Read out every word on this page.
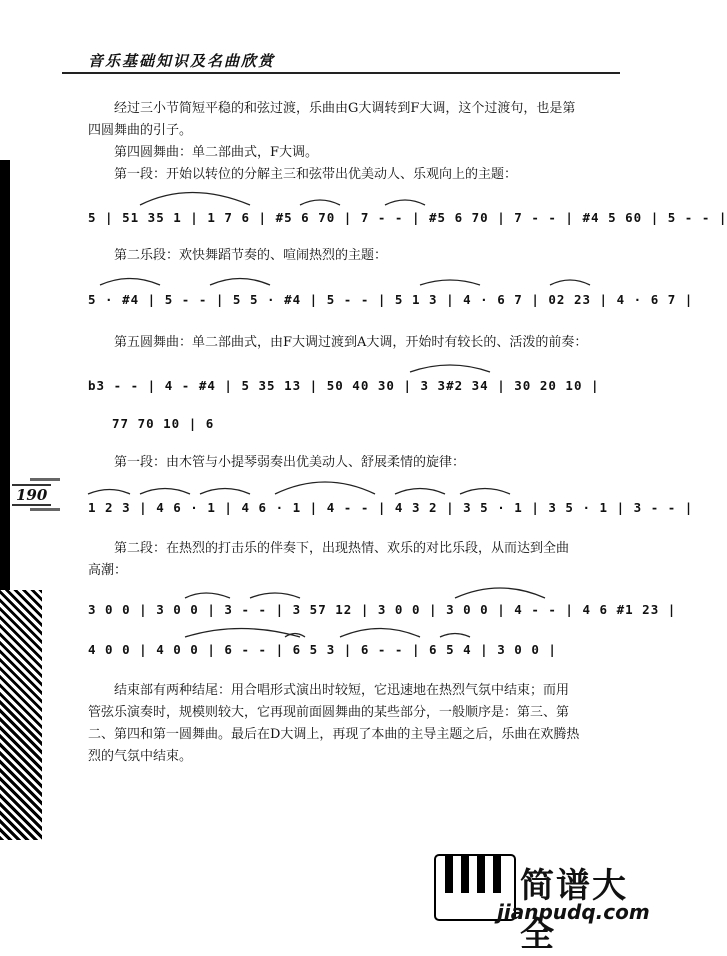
190
音乐基础知识及名曲欣赏
经过三小节简短平稳的和弦过渡，乐曲由G大调转到F大调，这个过渡句，也是第
四圆舞曲的引子。
第四圆舞曲：单二部曲式，F大调。
第一段：开始以转位的分解主三和弦带出优美动人、乐观向上的主题：
5 | 51 35 1 | 1 7 6 | #5 6 70 | 7 - - | #5 6 70 | 7 - - | #4 5 60 | 5 - - |
第二乐段：欢快舞蹈节奏的、喧闹热烈的主题：
5 · #4 | 5 - - | 5 5 · #4 | 5 - - | 5 1 3 | 4 · 6 7 | 02 23 | 4 · 6 7 |
第五圆舞曲：单二部曲式，由F大调过渡到A大调，开始时有较长的、活泼的前奏：
b3 - - | 4 - #4 | 5 35 13 | 50 40 30 | 3 3#2 34 | 30 20 10 |
77 70 10 | 6
第一段：由木管与小提琴弱奏出优美动人、舒展柔情的旋律：
1 2 3 | 4 6 · 1 | 4 6 · 1 | 4 - - | 4 3 2 | 3 5 · 1 | 3 5 · 1 | 3 - - |
第二段：在热烈的打击乐的伴奏下，出现热情、欢乐的对比乐段，从而达到全曲
高潮：
3 0 0 | 3 0 0 | 3 - - | 3 57 12 | 3 0 0 | 3 0 0 | 4 - - | 4 6 #1 23 |
4 0 0 | 4 0 0 | 6 - - | 6 5 3 | 6 - - | 6 5 4 | 3 0 0 |
结束部有两种结尾：用合唱形式演出时较短，它迅速地在热烈气氛中结束；而用
管弦乐演奏时，规模则较大，它再现前面圆舞曲的某些部分，一般顺序是：第三、第
二、第四和第一圆舞曲。最后在D大调上，再现了本曲的主导主题之后，乐曲在欢腾热
烈的气氛中结束。
简谱大全
jianpudq.com
